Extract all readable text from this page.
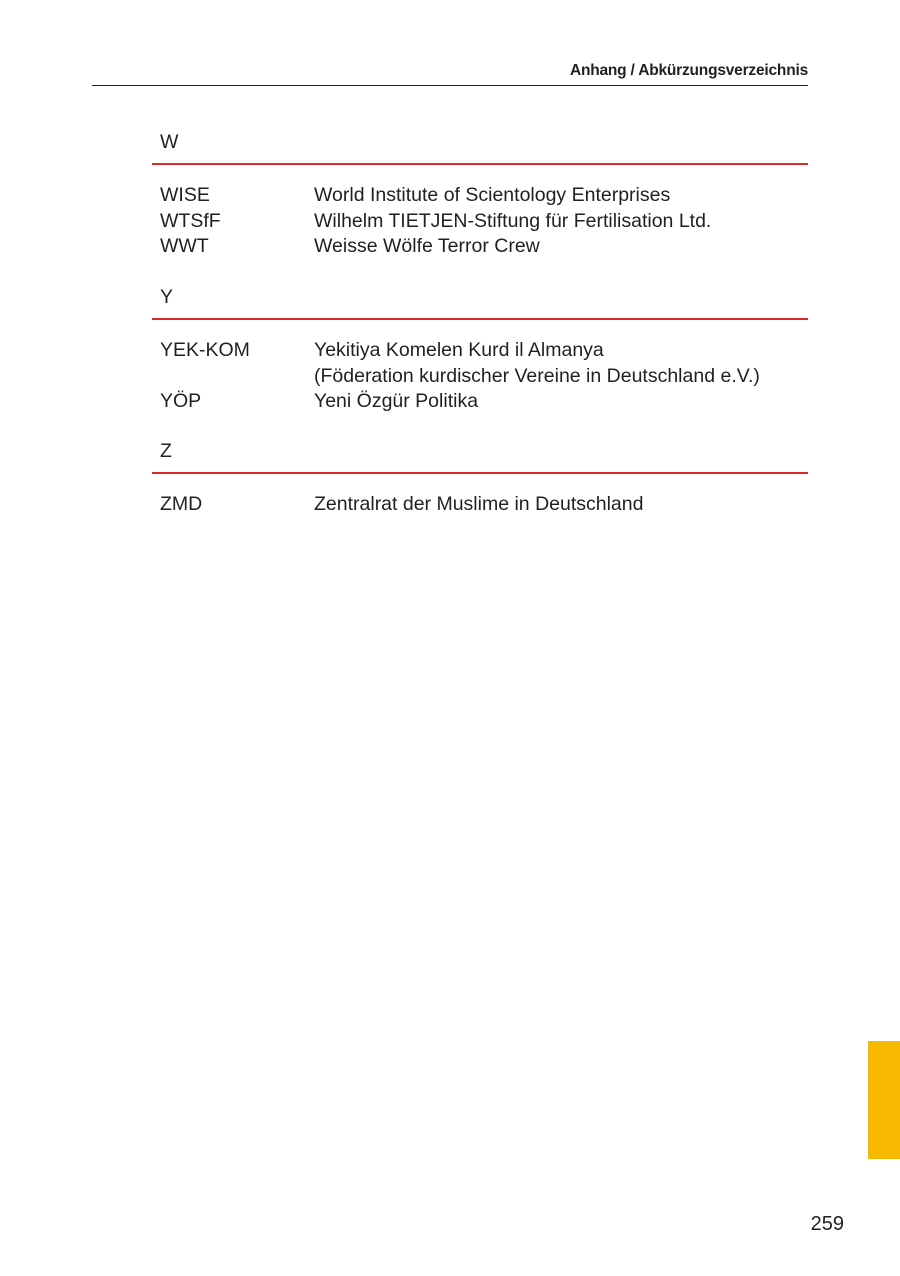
Anhang / Abkürzungsverzeichnis
W
WISE	World Institute of Scientology Enterprises
WTSfF	Wilhelm TIETJEN-Stiftung für Fertilisation Ltd.
WWT	Weisse Wölfe Terror Crew
Y
YEK-KOM	Yekitiya Komelen Kurd il Almanya
(Föderation kurdischer Vereine in Deutschland e.V.)
YÖP	Yeni Özgür Politika
Z
ZMD	Zentralrat der Muslime in Deutschland
259
